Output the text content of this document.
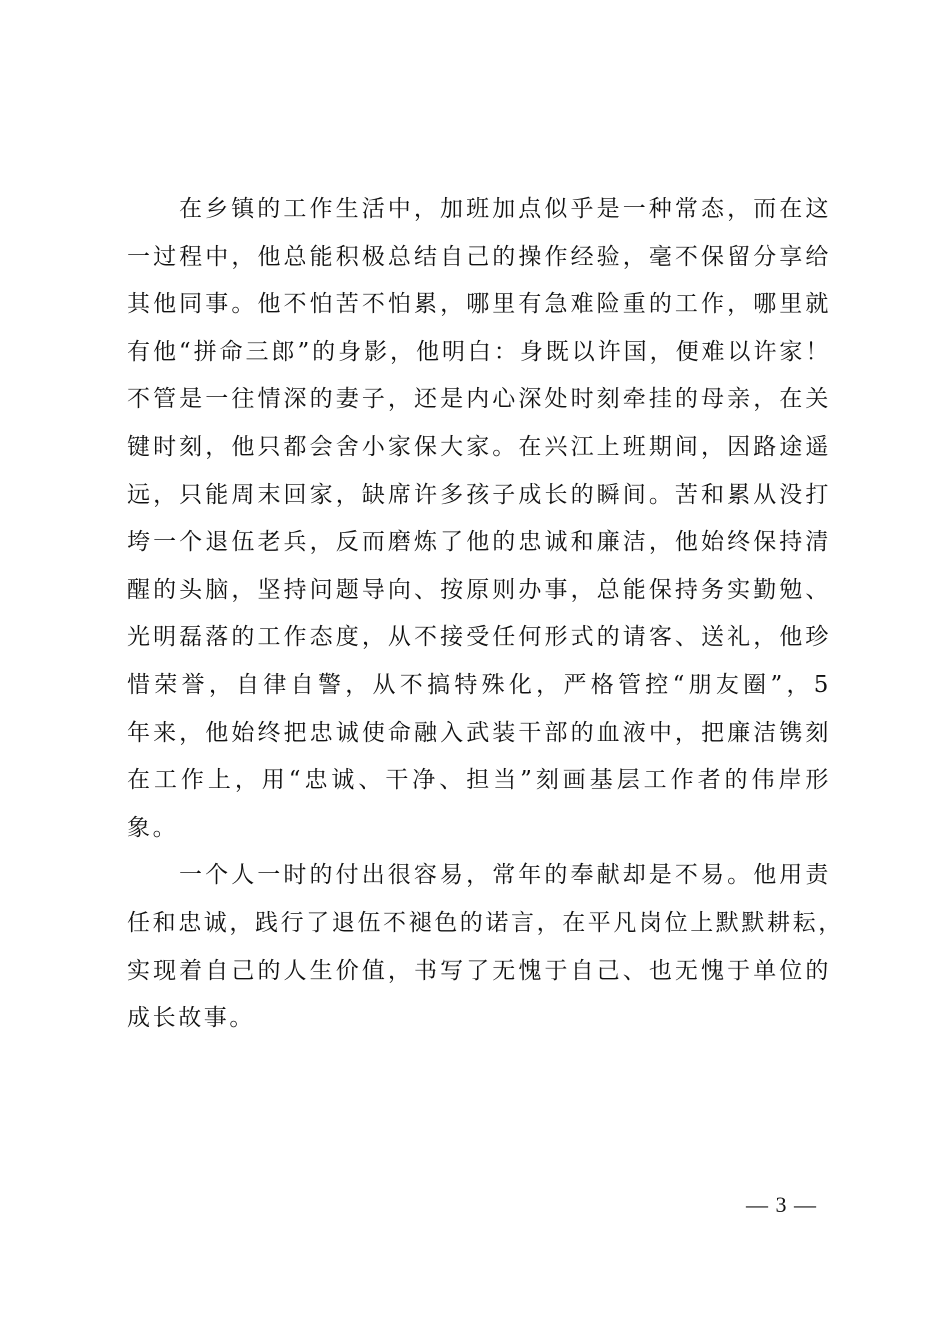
在乡镇的工作生活中，加班加点似乎是一种常态，而在这
一过程中，他总能积极总结自己的操作经验，毫不保留分享给
其他同事。他不怕苦不怕累，哪里有急难险重的工作，哪里就
有他“拼命三郎”的身影，他明白：身既以许国，便难以许家！
不管是一往情深的妻子，还是内心深处时刻牵挂的母亲，在关
键时刻，他只都会舍小家保大家。在兴江上班期间，因路途遥
远，只能周末回家，缺席许多孩子成长的瞬间。苦和累从没打
垮一个退伍老兵，反而磨炼了他的忠诚和廉洁，他始终保持清
醒的头脑，坚持问题导向、按原则办事，总能保持务实勤勉、
光明磊落的工作态度，从不接受任何形式的请客、送礼，他珍
惜荣誉，自律自警，从不搞特殊化，严格管控“朋友圈”，5
年来，他始终把忠诚使命融入武装干部的血液中，把廉洁镌刻
在工作上，用“忠诚、干净、担当”刻画基层工作者的伟岸形
象。
一个人一时的付出很容易，常年的奉献却是不易。他用责
任和忠诚，践行了退伍不褪色的诺言，在平凡岗位上默默耕耘，
实现着自己的人生价值，书写了无愧于自己、也无愧于单位的
成长故事。
— 3 —
